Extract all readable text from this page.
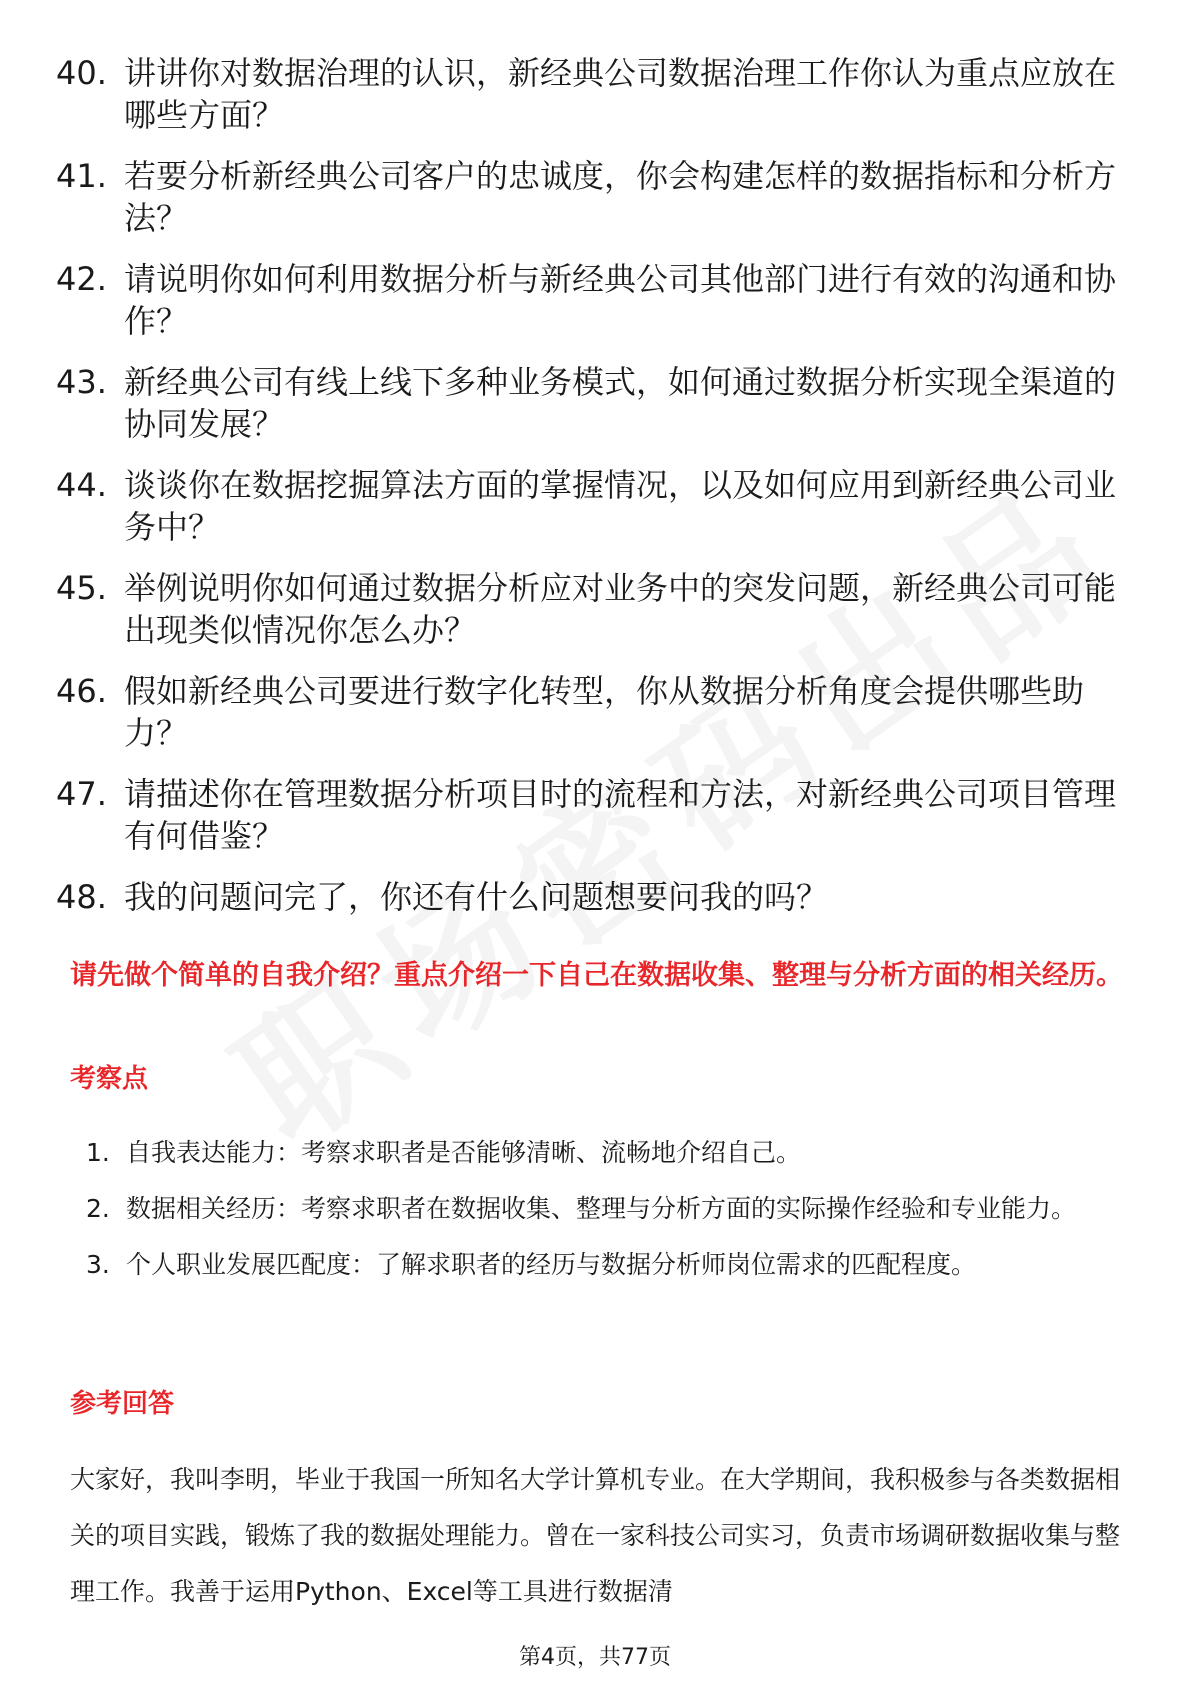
40. 讲讲你对数据治理的认识，新经典公司数据治理工作你认为重点应放在哪些方面？
41. 若要分析新经典公司客户的忠诚度，你会构建怎样的数据指标和分析方法？
42. 请说明你如何利用数据分析与新经典公司其他部门进行有效的沟通和协作？
43. 新经典公司有线上线下多种业务模式，如何通过数据分析实现全渠道的协同发展？
44. 谈谈你在数据挖掘算法方面的掌握情况，以及如何应用到新经典公司业务中？
45. 举例说明你如何通过数据分析应对业务中的突发问题，新经典公司可能出现类似情况你怎么办？
46. 假如新经典公司要进行数字化转型，你从数据分析角度会提供哪些助力？
47. 请描述你在管理数据分析项目时的流程和方法，对新经典公司项目管理有何借鉴？
48. 我的问题问完了，你还有什么问题想要问我的吗？
请先做个简单的自我介绍？重点介绍一下自己在数据收集、整理与分析方面的相关经历。
考察点
1. 自我表达能力：考察求职者是否能够清晰、流畅地介绍自己。
2. 数据相关经历：考察求职者在数据收集、整理与分析方面的实际操作经验和专业能力。
3. 个人职业发展匹配度：了解求职者的经历与数据分析师岗位需求的匹配程度。
参考回答

大家好，我叫李明，毕业于我国一所知名大学计算机专业。在大学期间，我积极参与各类数据相关的项目实践，锻炼了我的数据处理能力。曾在一家科技公司实习，负责市场调研数据收集与整理工作。我善于运用Python、Excel等工具进行数据清

第4页，共77页
